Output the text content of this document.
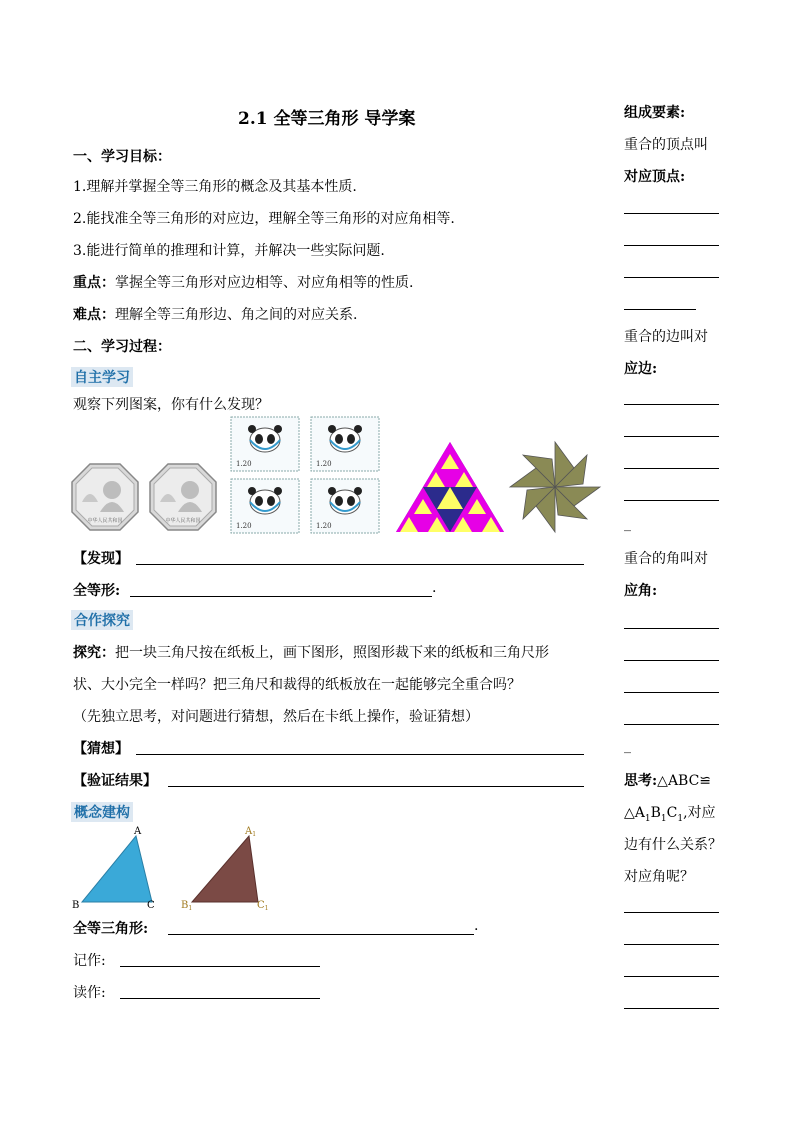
2.1 全等三角形 导学案
一、学习目标：
1.理解并掌握全等三角形的概念及其基本性质.
2.能找准全等三角形的对应边，理解全等三角形的对应角相等.
3.能进行简单的推理和计算，并解决一些实际问题.
重点：掌握全等三角形对应边相等、对应角相等的性质.
难点：理解全等三角形边、角之间的对应关系.
二、学习过程：
自主学习
观察下列图案，你有什么发现？
中华人民共和国	中华人民共和国
1.20	1.20
1.20	1.20
【发现】
全等形:	.
合作探究
探究：把一块三角尺按在纸板上，画下图形，照图形裁下来的纸板和三角尺形
状、大小完全一样吗？把三角尺和裁得的纸板放在一起能够完全重合吗？
（先独立思考，对问题进行猜想，然后在卡纸上操作，验证猜想）
【猜想】
【验证结果】
概念建构
A
B	C
$A_1$
$B_1$	$C_1$
全等三角形:	.
记作:
读作:
组成要素:
重合的顶点叫
对应顶点:
重合的边叫对
应边:
_
重合的角叫对
应角:
_
思考:△ABC≌
$\triangle A_1B_1C_1$,对应
边有什么关系？
对应角呢？
